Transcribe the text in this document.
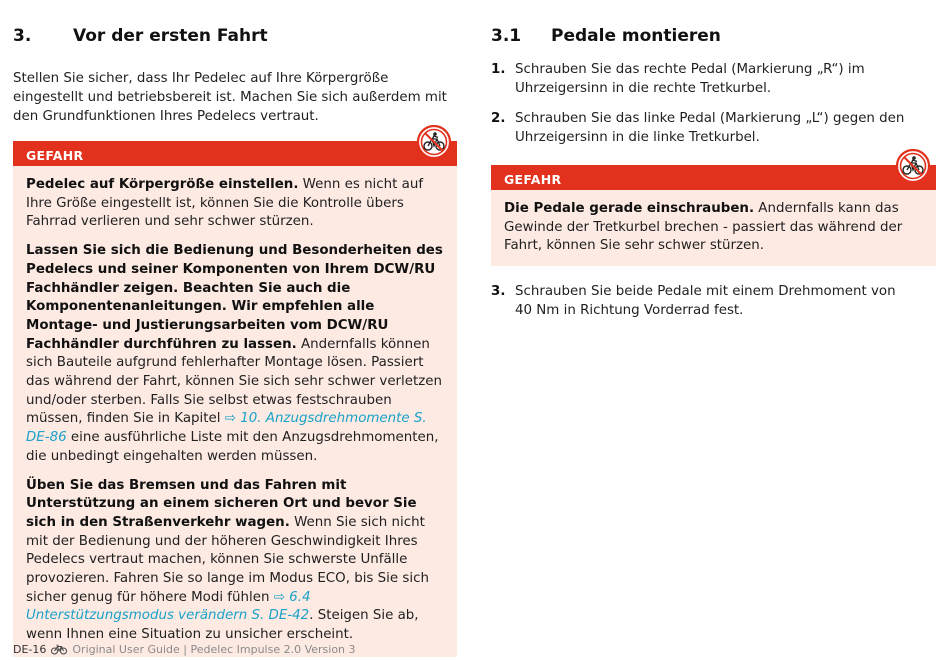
3.	Vor der ersten Fahrt

Stellen Sie sicher, dass Ihr Pedelec auf Ihre Körpergröße eingestellt und betriebsbereit ist. Machen Sie sich außerdem mit den Grundfunktionen Ihres Pedelecs vertraut.

GEFAHR

Pedelec auf Körpergröße einstellen. Wenn es nicht auf Ihre Größe eingestellt ist, können Sie die Kontrolle übers Fahrrad verlieren und sehr schwer stürzen.

Lassen Sie sich die Bedienung und Besonderheiten des Pedelecs und seiner Komponenten von Ihrem DCW/RU Fachhändler zeigen. Beachten Sie auch die Komponentenanleitungen. Wir empfehlen alle Montage- und Justierungsarbeiten vom DCW/RU Fachhändler durchführen zu lassen. Andernfalls können sich Bauteile aufgrund fehlerhafter Montage lösen. Passiert das während der Fahrt, können Sie sich sehr schwer verletzen und/oder sterben. Falls Sie selbst etwas festschrauben müssen, finden Sie in Kapitel ⇨ 10. Anzugsdrehmomente S. DE-86 eine ausführliche Liste mit den Anzugsdrehmomenten, die unbedingt eingehalten werden müssen.

Üben Sie das Bremsen und das Fahren mit Unterstützung an einem sicheren Ort und bevor Sie sich in den Straßenverkehr wagen. Wenn Sie sich nicht mit der Bedienung und der höheren Geschwindigkeit Ihres Pedelecs vertraut machen, können Sie schwerste Unfälle provozieren. Fahren Sie so lange im Modus ECO, bis Sie sich sicher genug für höhere Modi fühlen ⇨ 6.4 Unterstützungsmodus verändern S. DE-42. Steigen Sie ab, wenn Ihnen eine Situation zu unsicher erscheint.

3.1	Pedale montieren
1. Schrauben Sie das rechte Pedal (Markierung „R“) im Uhrzeigersinn in die rechte Tretkurbel.
2. Schrauben Sie das linke Pedal (Markierung „L“) gegen den Uhrzeigersinn in die linke Tretkurbel.
GEFAHR

Die Pedale gerade einschrauben. Andernfalls kann das Gewinde der Tretkurbel brechen - passiert das während der Fahrt, können Sie sehr schwer stürzen.

3. Schrauben Sie beide Pedale mit einem Drehmoment von 40 Nm in Richtung Vorderrad fest.
DE-16 Original User Guide | Pedelec Impulse 2.0 Version 3
